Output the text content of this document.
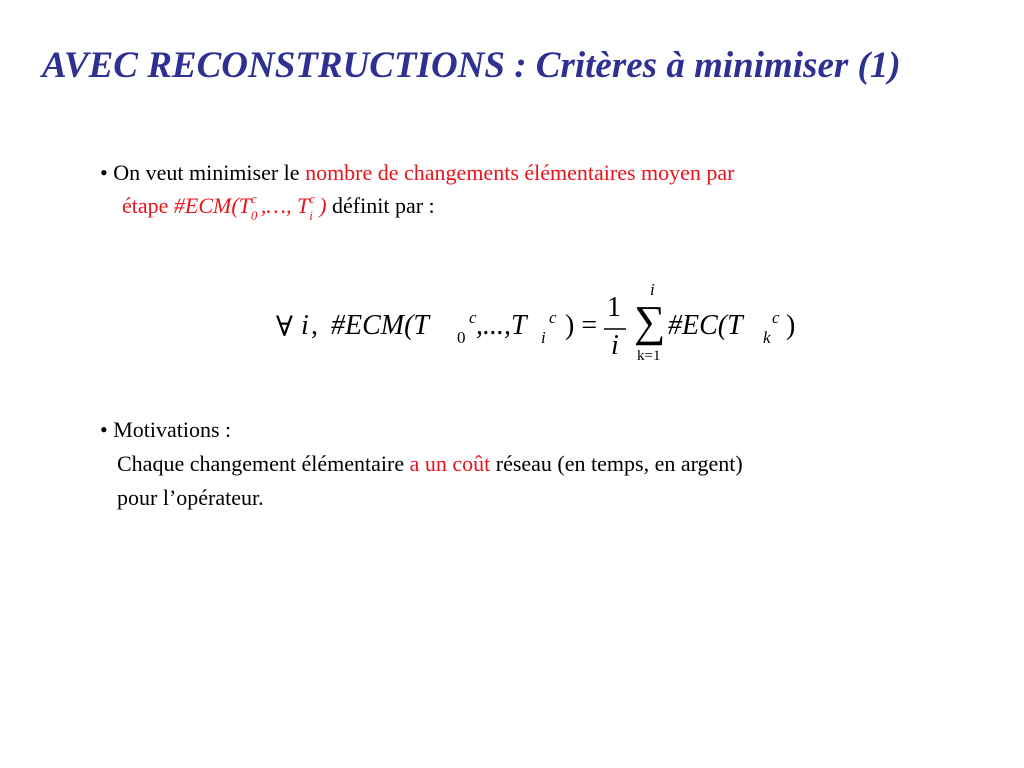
AVEC RECONSTRUCTIONS : Critères à minimiser (1)
• On veut minimiser le nombre de changements élémentaires moyen par
étape #ECM(T c
0 ,…, T c
i ) définit par :
∀ i , #ECM(T 0
c ,...,T i
c ) =
1
i
i
∑
k=1
#EC(T k
c )
• Motivations :
Chaque changement élémentaire a un coût réseau (en temps, en argent)
pour l’opérateur.
